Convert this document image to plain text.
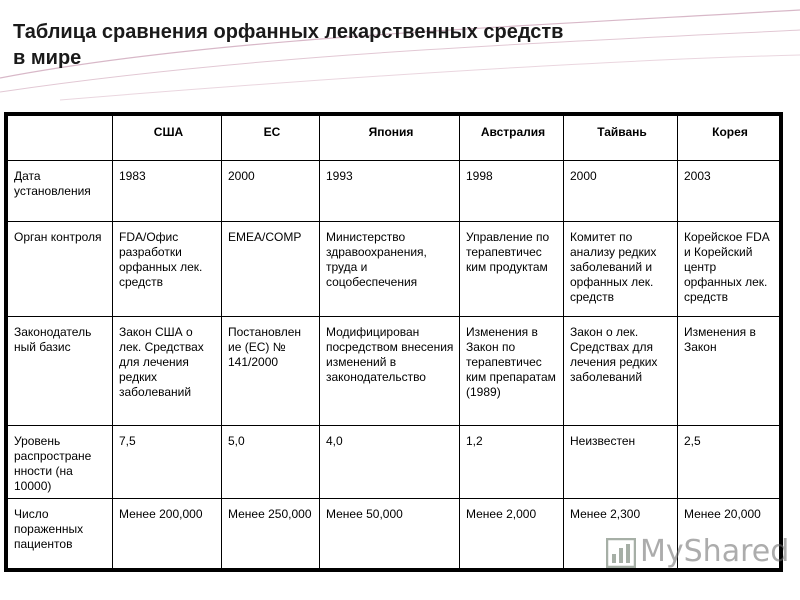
Таблица сравнения орфанных лекарственных средств в мире
	США	ЕС	Япония	Австралия	Тайвань	Корея
Дата установления	1983	2000	1993	1998	2000	2003
Орган контроля	FDA/Офис разработки орфанных лек. средств	EMEA/COMP	Министерство здравоохранения, труда и соцобеспечения	Управление по терапевтичес ким продуктам	Комитет по анализу редких заболеваний и орфанных лек. средств	Корейское FDA и Корейский центр орфанных лек. средств
Законодатель ный базис	Закон США о лек. Средствах для лечения редких заболеваний	Постановлен ие (ЕС) № 141/2000	Модифицирован посредством внесения изменений в законодательство	Изменения в Закон по терапевтичес ким препаратам (1989)	Закон о лек. Средствах для лечения редких заболеваний	Изменения в Закон
Уровень распростране нности (на 10000)	7,5	5,0	4,0	1,2	Неизвестен	2,5
Число пораженных пациентов	Менее 200,000	Менее 250,000	Менее 50,000	Менее 2,000	Менее 2,300	Менее 20,000
MyShared
